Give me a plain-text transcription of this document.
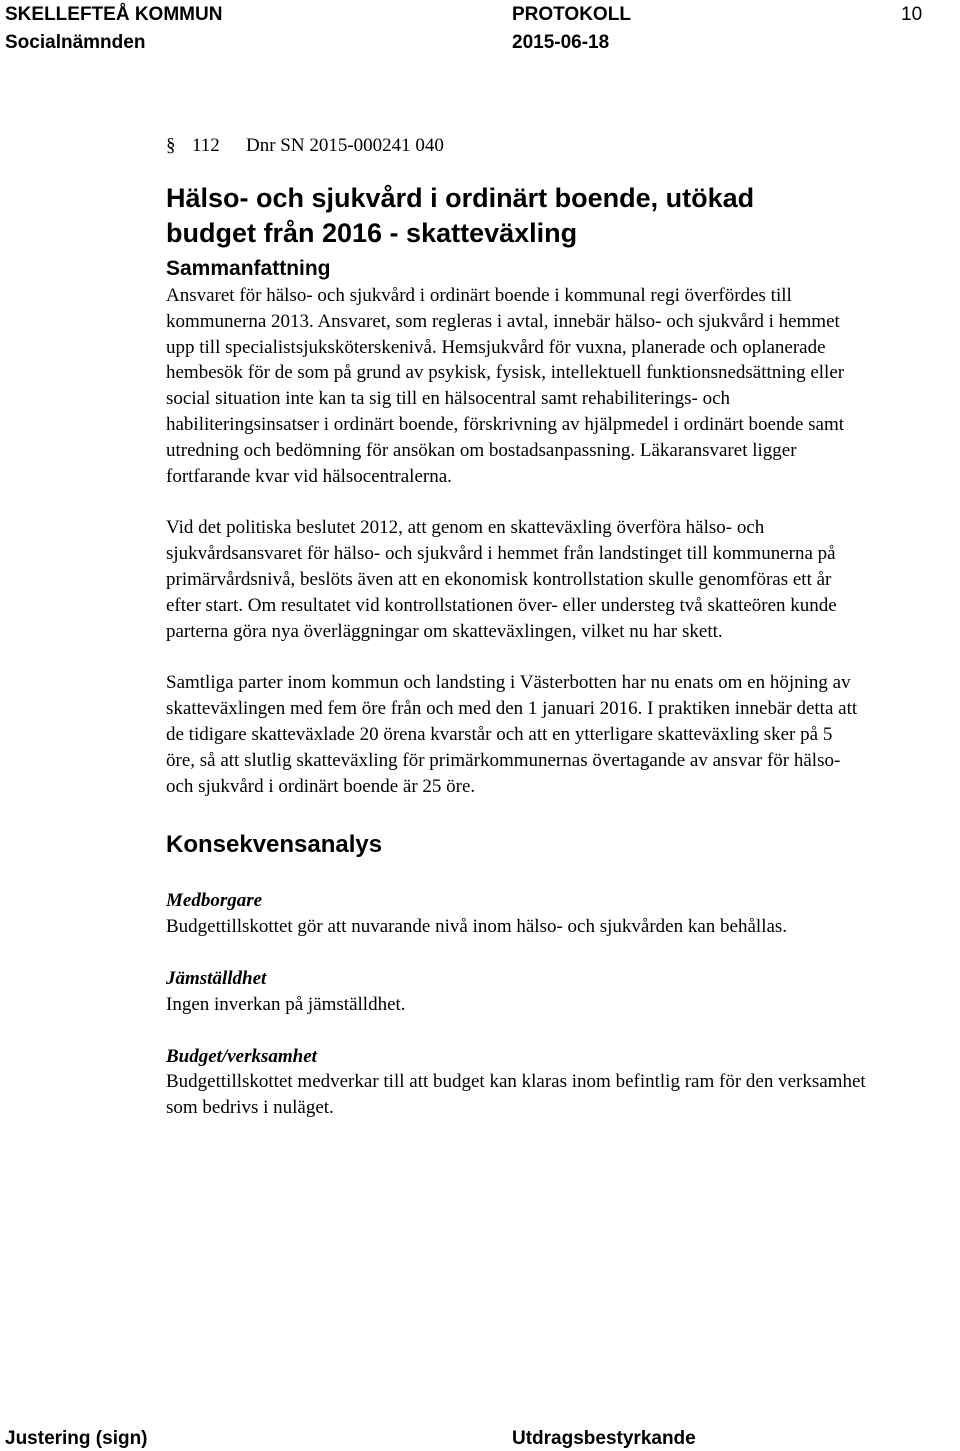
SKELLEFTEÅ KOMMUN	PROTOKOLL	10
Socialnämnden	2015-06-18
§ 112 Dnr SN 2015-000241 040
Hälso- och sjukvård i ordinärt boende, utökad budget från 2016 - skatteväxling
Sammanfattning

Ansvaret för hälso- och sjukvård i ordinärt boende i kommunal regi överfördes till kommunerna 2013. Ansvaret, som regleras i avtal, innebär hälso- och sjukvård i hemmet upp till specialistsjuksköterskenivå. Hemsjukvård för vuxna, planerade och oplanerade hembesök för de som på grund av psykisk, fysisk, intellektuell funktionsnedsättning eller social situation inte kan ta sig till en hälsocentral samt rehabiliterings- och habiliteringsinsatser i ordinärt boende, förskrivning av hjälpmedel i ordinärt boende samt utredning och bedömning för ansökan om bostadsanpassning. Läkaransvaret ligger fortfarande kvar vid hälsocentralerna.

Vid det politiska beslutet 2012, att genom en skatteväxling överföra hälso- och sjukvårdsansvaret för hälso- och sjukvård i hemmet från landstinget till kommunerna på primärvårdsnivå, beslöts även att en ekonomisk kontrollstation skulle genomföras ett år efter start. Om resultatet vid kontrollstationen över- eller understeg två skatteören kunde parterna göra nya överläggningar om skatteväxlingen, vilket nu har skett.

Samtliga parter inom kommun och landsting i Västerbotten har nu enats om en höjning av skatteväxlingen med fem öre från och med den 1 januari 2016. I praktiken innebär detta att de tidigare skatteväxlade 20 örena kvarstår och att en ytterligare skatteväxling sker på 5 öre, så att slutlig skatteväxling för primärkommunernas övertagande av ansvar för hälso- och sjukvård i ordinärt boende är 25 öre.

Konsekvensanalys
Medborgare

Budgettillskottet gör att nuvarande nivå inom hälso- och sjukvården kan behållas.

Jämställdhet

Ingen inverkan på jämställdhet.

Budget/verksamhet

Budgettillskottet medverkar till att budget kan klaras inom befintlig ram för den verksamhet som bedrivs i nuläget.

Justering (sign)	Utdragsbestyrkande
